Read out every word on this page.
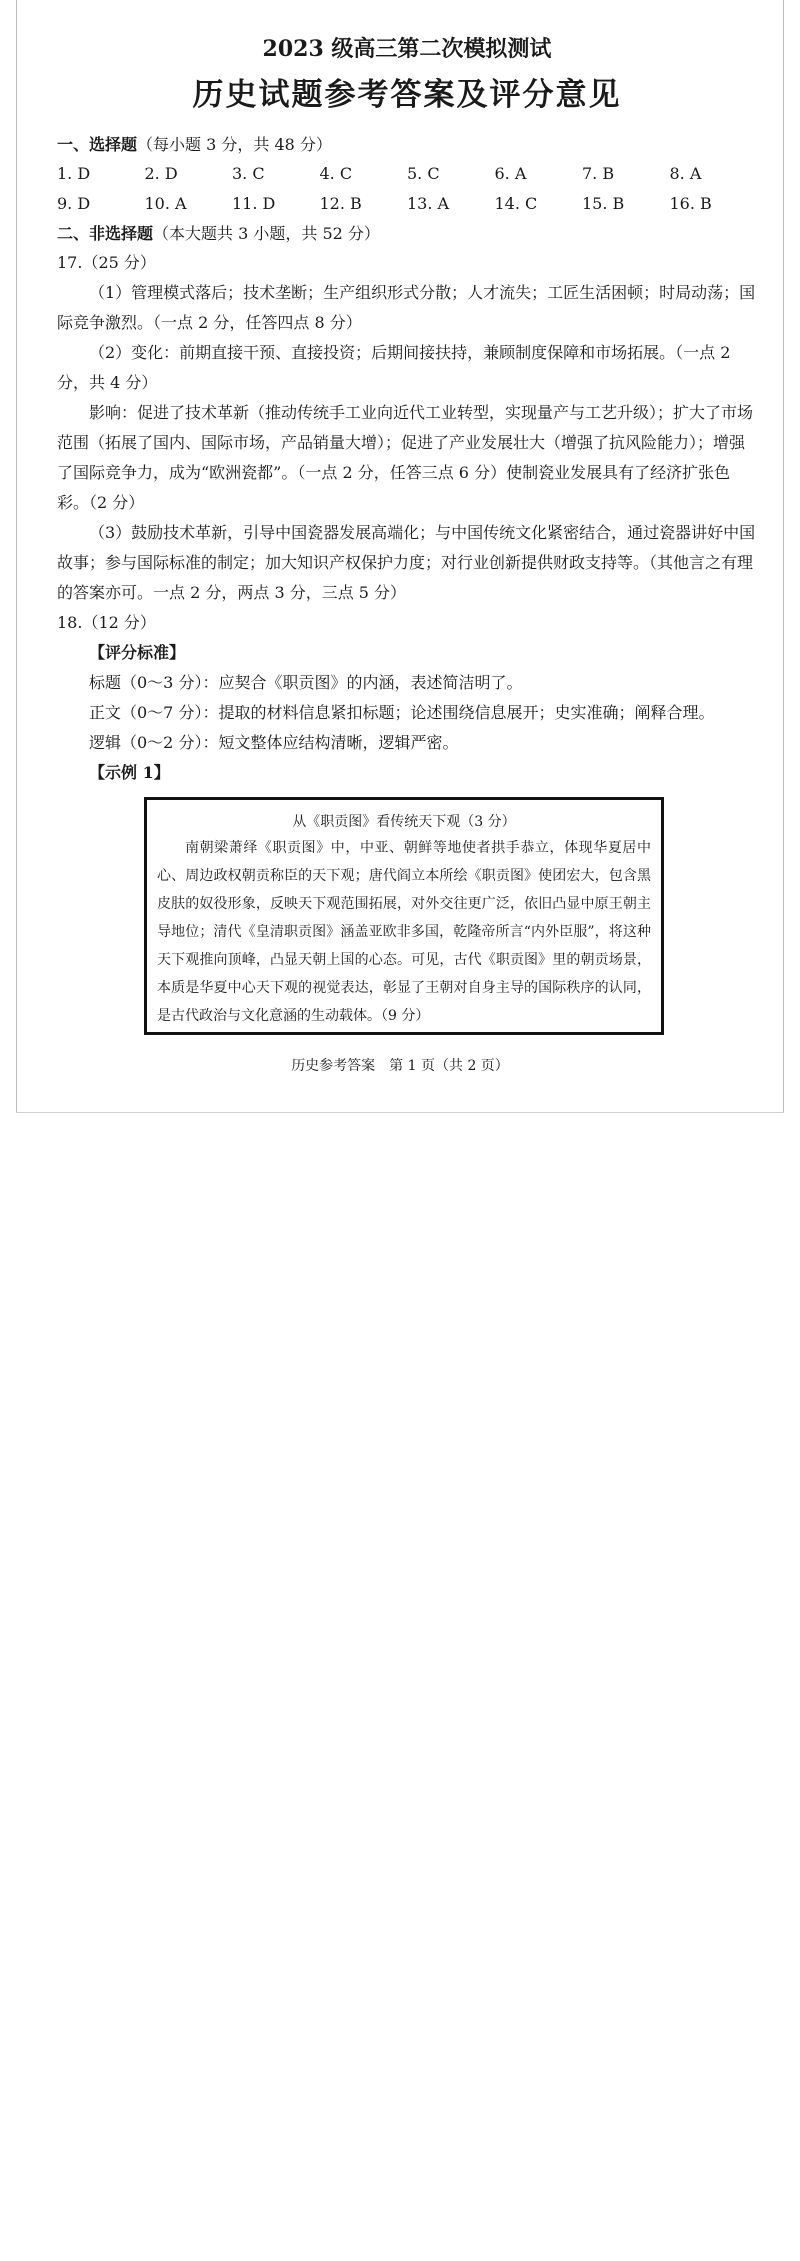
2023 级高三第二次模拟测试
历史试题参考答案及评分意见

一、选择题（每小题 3 分，共 48 分）

1. D	2. D	3. C	4. C	5. C	6. A	7. B	8. A
9. D	10. A	11. D	12. B	13. A	14. C	15. B	16. B

二、非选择题（本大题共 3 小题，共 52 分）

17.（25 分）

（1）管理模式落后；技术垄断；生产组织形式分散；人才流失；工匠生活困顿；时局动荡；国际竞争激烈。（一点 2 分，任答四点 8 分）

（2）变化：前期直接干预、直接投资；后期间接扶持，兼顾制度保障和市场拓展。（一点 2 分，共 4 分）

影响：促进了技术革新（推动传统手工业向近代工业转型，实现量产与工艺升级）；扩大了市场范围（拓展了国内、国际市场，产品销量大增）；促进了产业发展壮大（增强了抗风险能力）；增强了国际竞争力，成为“欧洲瓷都”。（一点 2 分，任答三点 6 分）使制瓷业发展具有了经济扩张色彩。（2 分）

（3）鼓励技术革新，引导中国瓷器发展高端化；与中国传统文化紧密结合，通过瓷器讲好中国故事；参与国际标准的制定；加大知识产权保护力度；对行业创新提供财政支持等。（其他言之有理的答案亦可。一点 2 分，两点 3 分，三点 5 分）

18.（12 分）

【评分标准】

标题（0～3 分）：应契合《职贡图》的内涵，表述简洁明了。

正文（0～7 分）：提取的材料信息紧扣标题；论述围绕信息展开；史实准确；阐释合理。

逻辑（0～2 分）：短文整体应结构清晰，逻辑严密。

【示例 1】

从《职贡图》看传统天下观（3 分）

南朝梁萧绎《职贡图》中，中亚、朝鲜等地使者拱手恭立，体现华夏居中心、周边政权朝贡称臣的天下观；唐代阎立本所绘《职贡图》使团宏大，包含黑皮肤的奴役形象，反映天下观范围拓展，对外交往更广泛，依旧凸显中原王朝主导地位；清代《皇清职贡图》涵盖亚欧非多国，乾隆帝所言“内外臣服”，将这种天下观推向顶峰，凸显天朝上国的心态。可见，古代《职贡图》里的朝贡场景，本质是华夏中心天下观的视觉表达，彰显了王朝对自身主导的国际秩序的认同，是古代政治与文化意涵的生动载体。（9 分）

历史参考答案　第 1 页（共 2 页）
